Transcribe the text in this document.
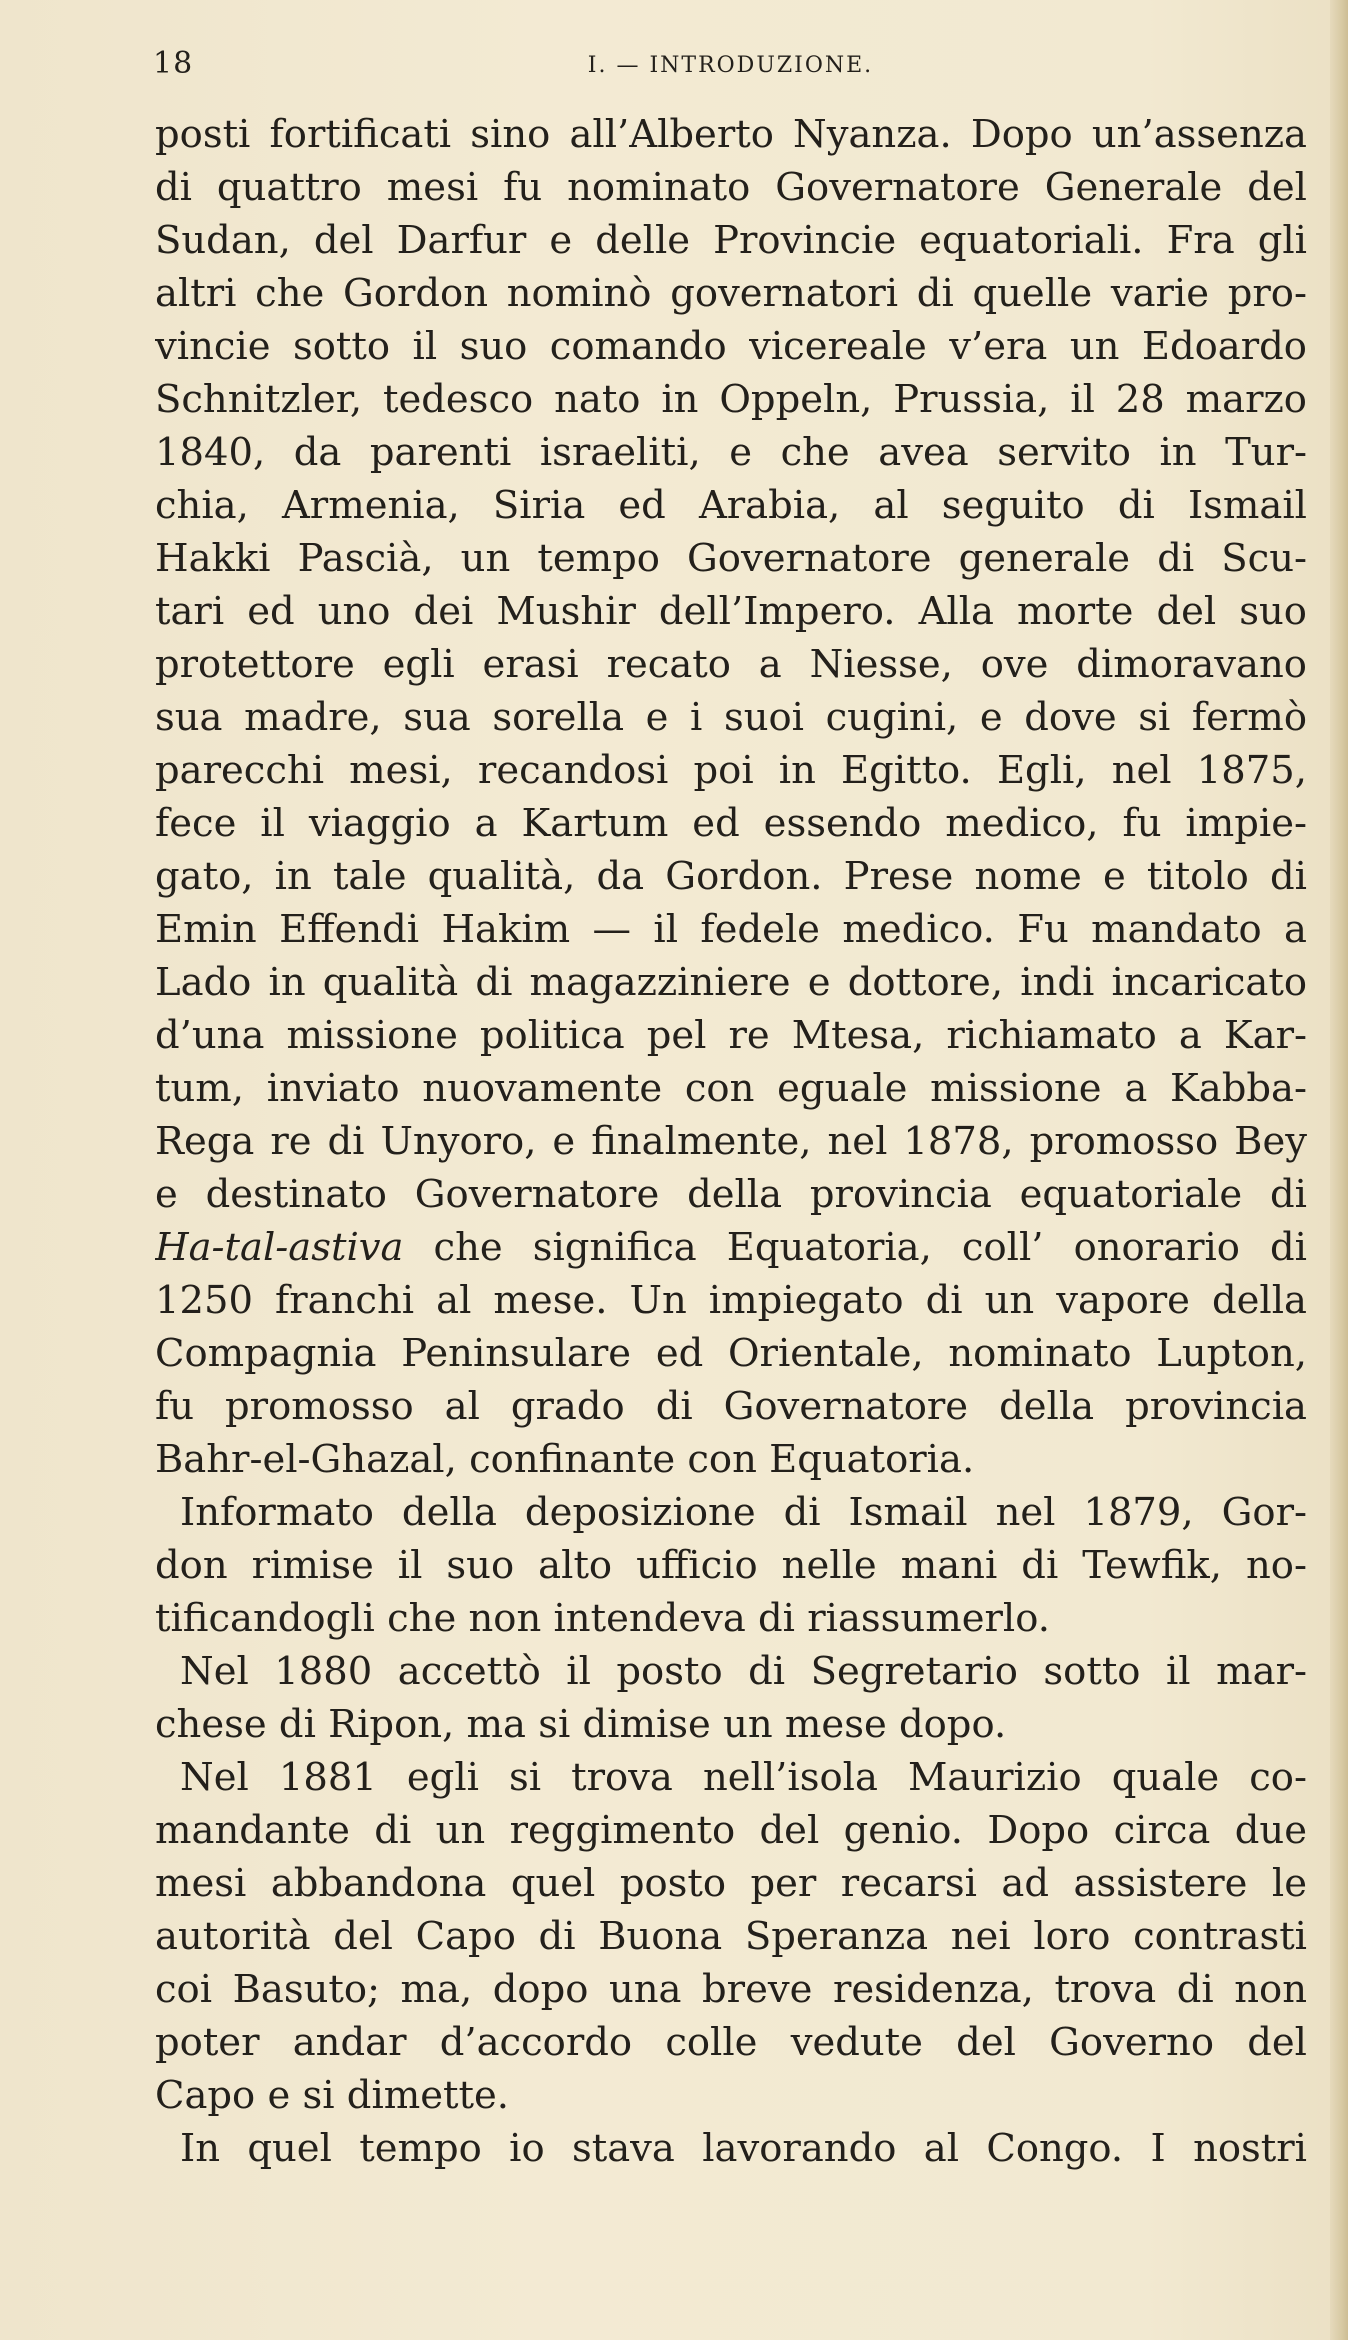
18	I. — INTRODUZIONE.
posti fortificati sino all’Alberto Nyanza. Dopo un’assenza
di quattro mesi fu nominato Governatore Generale del
Sudan, del Darfur e delle Provincie equatoriali. Fra gli
altri che Gordon nominò governatori di quelle varie pro-
vincie sotto il suo comando vicereale v’era un Edoardo
Schnitzler, tedesco nato in Oppeln, Prussia, il 28 marzo
1840, da parenti israeliti, e che avea servito in Tur-
chia, Armenia, Siria ed Arabia, al seguito di Ismail
Hakki Pascià, un tempo Governatore generale di Scu-
tari ed uno dei Mushir dell’Impero. Alla morte del suo
protettore egli erasi recato a Niesse, ove dimoravano
sua madre, sua sorella e i suoi cugini, e dove si fermò
parecchi mesi, recandosi poi in Egitto. Egli, nel 1875,
fece il viaggio a Kartum ed essendo medico, fu impie-
gato, in tale qualità, da Gordon. Prese nome e titolo di
Emin Effendi Hakim — il fedele medico. Fu mandato a
Lado in qualità di magazziniere e dottore, indi incaricato
d’una missione politica pel re Mtesa, richiamato a Kar-
tum, inviato nuovamente con eguale missione a Kabba-
Rega re di Unyoro, e finalmente, nel 1878, promosso Bey
e destinato Governatore della provincia equatoriale di
Ha-tal-astiva che significa Equatoria, coll’ onorario di
1250 franchi al mese. Un impiegato di un vapore della
Compagnia Peninsulare ed Orientale, nominato Lupton,
fu promosso al grado di Governatore della provincia
Bahr-el-Ghazal, confinante con Equatoria.
Informato della deposizione di Ismail nel 1879, Gor-
don rimise il suo alto ufficio nelle mani di Tewfik, no-
tificandogli che non intendeva di riassumerlo.
Nel 1880 accettò il posto di Segretario sotto il mar-
chese di Ripon, ma si dimise un mese dopo.
Nel 1881 egli si trova nell’isola Maurizio quale co-
mandante di un reggimento del genio. Dopo circa due
mesi abbandona quel posto per recarsi ad assistere le
autorità del Capo di Buona Speranza nei loro contrasti
coi Basuto; ma, dopo una breve residenza, trova di non
poter andar d’accordo colle vedute del Governo del
Capo e si dimette.
In quel tempo io stava lavorando al Congo. I nostri
